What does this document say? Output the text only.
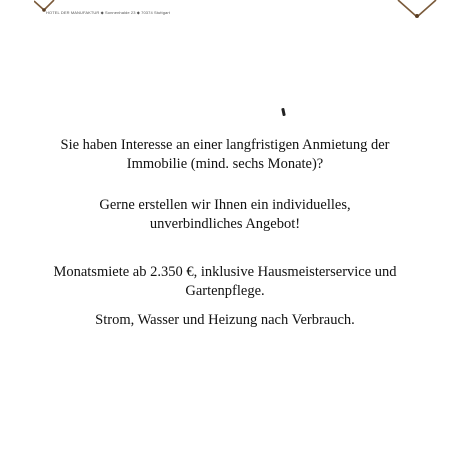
HOTEL DER MANUFAKTUR ◆ Sonnenhalde 23 ◆ 70374 Stuttgart

Sie haben Interesse an einer langfristigen Anmietung der

Immobilie (mind. sechs Monate)?

Gerne erstellen wir Ihnen ein individuelles,

unverbindliches Angebot!

Monatsmiete ab 2.350 €, inklusive Hausmeisterservice und

Gartenpflege.

Strom, Wasser und Heizung nach Verbrauch.
